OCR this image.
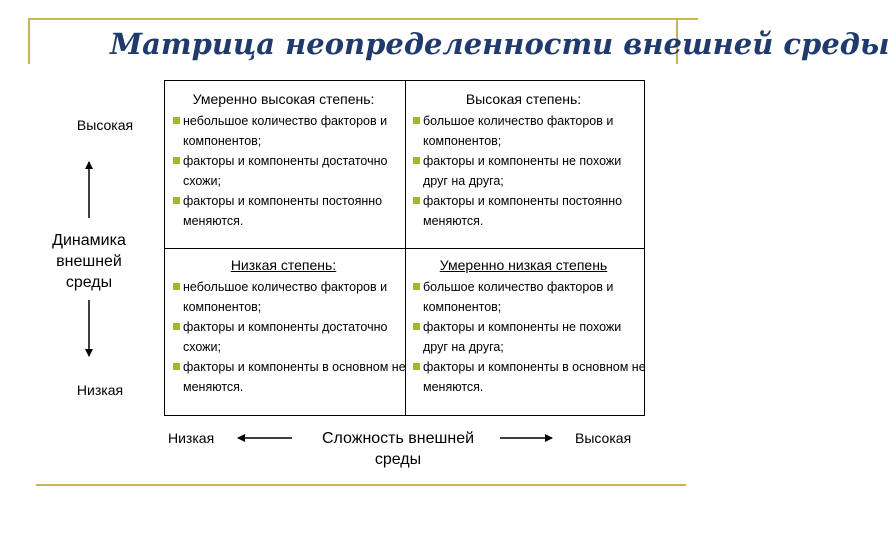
Матрица неопределенности внешней среды
Высокая
Динамика внешней среды
Низкая
Умеренно высокая степень:
небольшое количество факторов и компонентов;
факторы и компоненты достаточно схожи;
факторы и компоненты постоянно меняются.
Высокая степень:
большое количество факторов и компонентов;
факторы и компоненты не похожи друг на друга;
факторы и компоненты постоянно меняются.
Низкая степень:
небольшое количество факторов и компонентов;
факторы и компоненты достаточно схожи;
факторы и компоненты в основном не меняются.
Умеренно низкая степень
большое количество факторов и компонентов;
факторы и компоненты не похожи друг на друга;
факторы и компоненты в основном не меняются.
Низкая	Сложность внешней среды
Высокая
